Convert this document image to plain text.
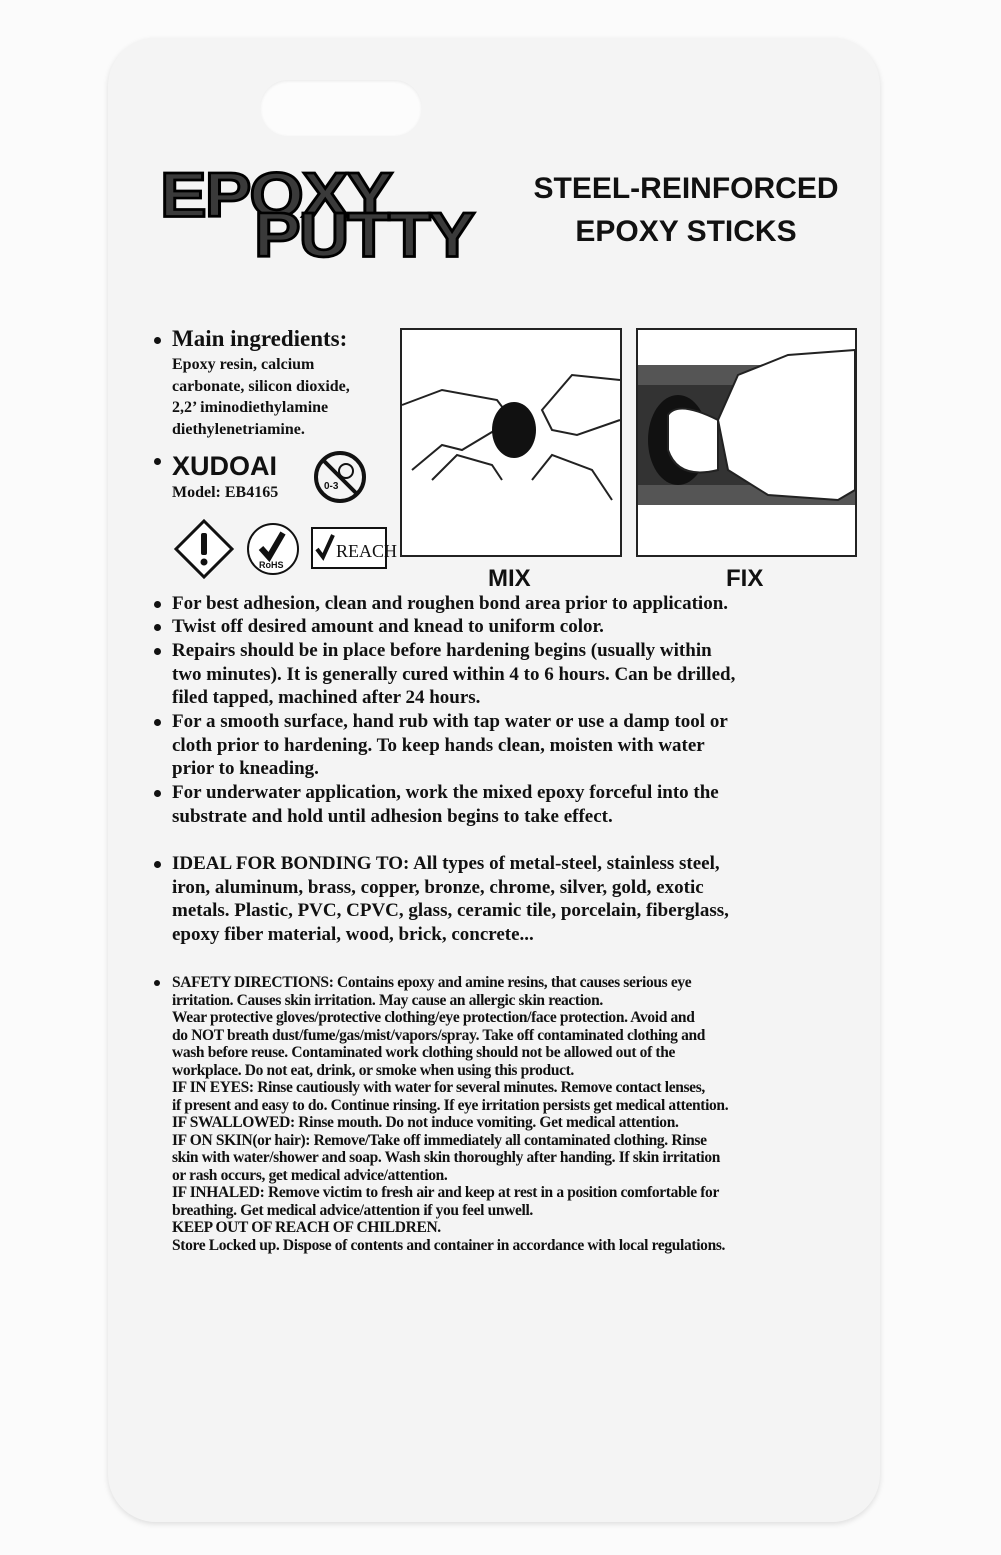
EPOXY
PUTTY
STEEL-REINFORCED
EPOXY STICKS
Main ingredients:
Epoxy resin, calcium
carbonate, silicon dioxide,
2,2’ iminodiethylamine
diethylenetriamine.
XUDOAI
Model: EB4165	0-3
RoHS
REACH
MIX	FIX
For best adhesion, clean and roughen bond area prior to application.
Twist off desired amount and knead to uniform color.
Repairs should be in place before hardening begins (usually within
two minutes). It is generally cured within 4 to 6 hours. Can be drilled,
filed tapped, machined after 24 hours.
For a smooth surface, hand rub with tap water or use a damp tool or
cloth prior to hardening. To keep hands clean, moisten with water
prior to kneading.
For underwater application, work the mixed epoxy forceful into the
substrate and hold until adhesion begins to take effect.
IDEAL FOR BONDING TO: All types of metal-steel, stainless steel,
iron, aluminum, brass, copper, bronze, chrome, silver, gold, exotic
metals. Plastic, PVC, CPVC, glass, ceramic tile, porcelain, fiberglass,
epoxy fiber material, wood, brick, concrete...
SAFETY DIRECTIONS: Contains epoxy and amine resins, that causes serious eye
irritation. Causes skin irritation. May cause an allergic skin reaction.
Wear protective gloves/protective clothing/eye protection/face protection. Avoid and
do NOT breath dust/fume/gas/mist/vapors/spray. Take off contaminated clothing and
wash before reuse. Contaminated work clothing should not be allowed out of the
workplace. Do not eat, drink, or smoke when using this product.
IF IN EYES: Rinse cautiously with water for several minutes. Remove contact lenses,
if present and easy to do. Continue rinsing. If eye irritation persists get medical attention.
IF SWALLOWED: Rinse mouth. Do not induce vomiting. Get medical attention.
IF ON SKIN(or hair): Remove/Take off immediately all contaminated clothing. Rinse
skin with water/shower and soap. Wash skin thoroughly after handing. If skin irritation
or rash occurs, get medical advice/attention.
IF INHALED: Remove victim to fresh air and keep at rest in a position comfortable for
breathing. Get medical advice/attention if you feel unwell.
KEEP OUT OF REACH OF CHILDREN.
Store Locked up. Dispose of contents and container in accordance with local regulations.
